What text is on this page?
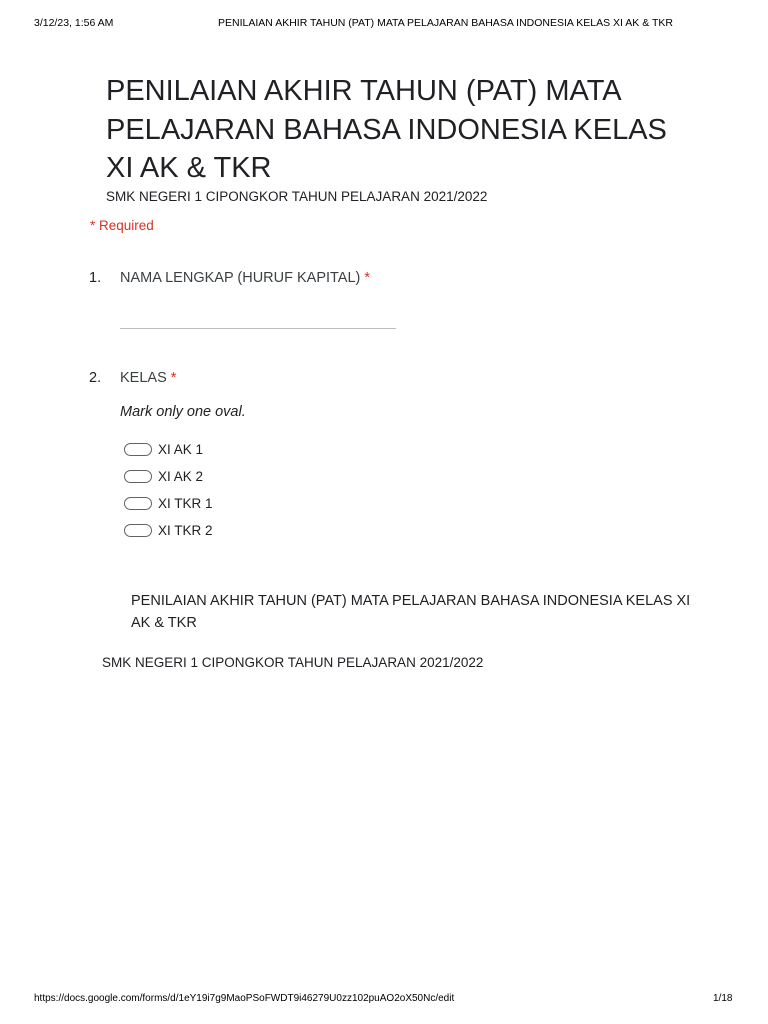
3/12/23, 1:56 AM	PENILAIAN AKHIR TAHUN (PAT) MATA PELAJARAN BAHASA INDONESIA KELAS XI AK & TKR
PENILAIAN AKHIR TAHUN (PAT) MATA PELAJARAN BAHASA INDONESIA KELAS XI AK & TKR
SMK NEGERI 1 CIPONGKOR TAHUN PELAJARAN 2021/2022
* Required
1. NAMA LENGKAP (HURUF KAPITAL) *
2. KELAS *
Mark only one oval.
XI AK 1
XI AK 2
XI TKR 1
XI TKR 2
PENILAIAN AKHIR TAHUN (PAT) MATA PELAJARAN BAHASA INDONESIA KELAS XI AK & TKR
SMK NEGERI 1 CIPONGKOR TAHUN PELAJARAN 2021/2022
https://docs.google.com/forms/d/1eY19i7g9MaoPSoFWDT9i46279U0zz102puAO2oX50Nc/edit	1/18
